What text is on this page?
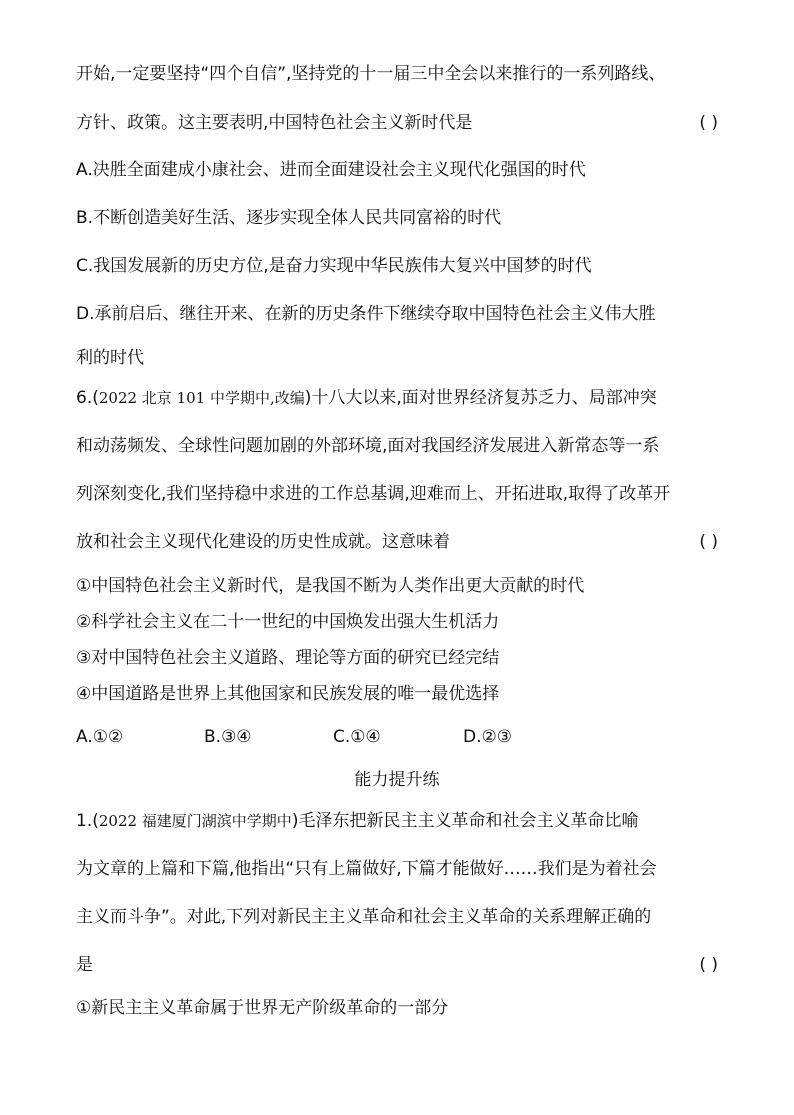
开始,一定要坚持“四个自信”,坚持党的十一届三中全会以来推行的一系列路线、
方针、政策。这主要表明,中国特色社会主义新时代是	( )
A.决胜全面建成小康社会、进而全面建设社会主义现代化强国的时代
B.不断创造美好生活、逐步实现全体人民共同富裕的时代
C.我国发展新的历史方位,是奋力实现中华民族伟大复兴中国梦的时代
D.承前启后、继往开来、在新的历史条件下继续夺取中国特色社会主义伟大胜
利的时代
6.(2022 北京 101 中学期中,改编)十八大以来,面对世界经济复苏乏力、局部冲突
和动荡频发、全球性问题加剧的外部环境,面对我国经济发展进入新常态等一系
列深刻变化,我们坚持稳中求进的工作总基调,迎难而上、开拓进取,取得了改革开
放和社会主义现代化建设的历史性成就。这意味着	( )
①中国特色社会主义新时代，是我国不断为人类作出更大贡献的时代
②科学社会主义在二十一世纪的中国焕发出强大生机活力
③对中国特色社会主义道路、理论等方面的研究已经完结
④中国道路是世界上其他国家和民族发展的唯一最优选择
A.①②	B.③④	C.①④	D.②③
能力提升练
1.(2022 福建厦门湖滨中学期中)毛泽东把新民主主义革命和社会主义革命比喻
为文章的上篇和下篇,他指出“只有上篇做好,下篇才能做好……我们是为着社会
主义而斗争”。对此,下列对新民主主义革命和社会主义革命的关系理解正确的
是	( )
①新民主主义革命属于世界无产阶级革命的一部分
